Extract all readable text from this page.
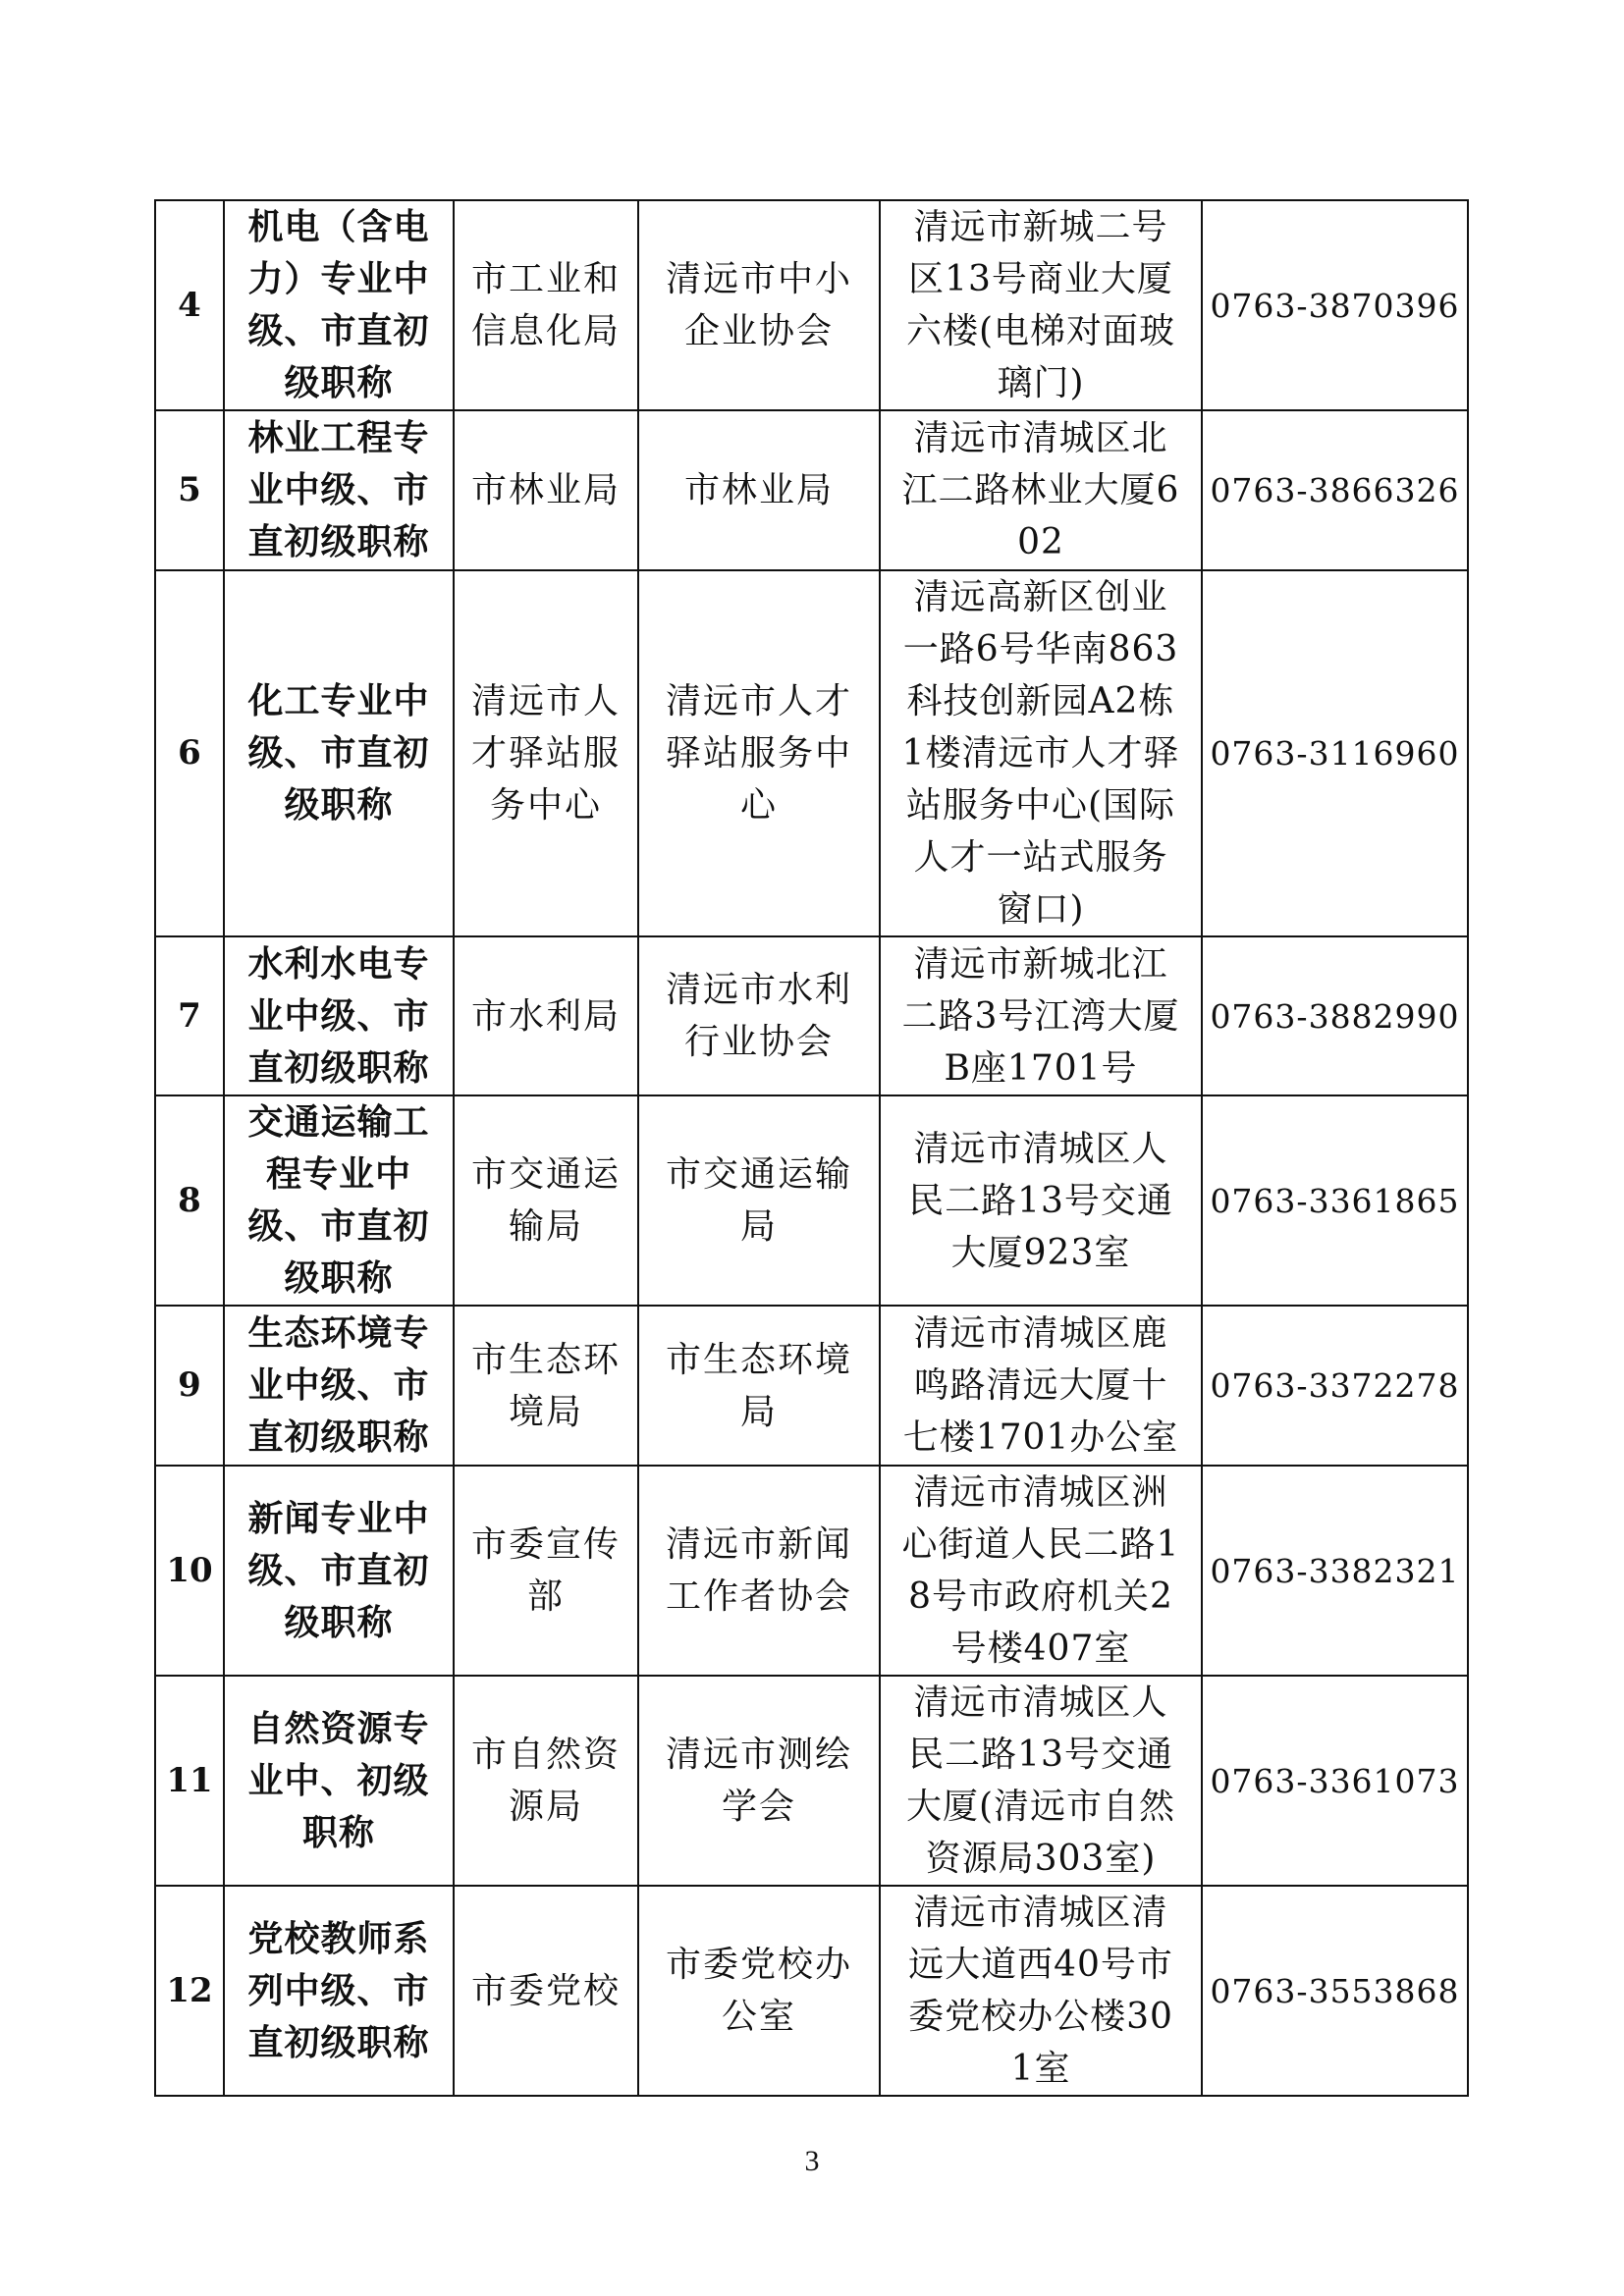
4	机电（含电力）专业中级、市直初级职称	市工业和信息化局	清远市中小企业协会	清远市新城二号区13号商业大厦六楼(电梯对面玻璃门)	0763-3870396
5	林业工程专业中级、市直初级职称	市林业局	市林业局	清远市清城区北江二路林业大厦602	0763-3866326
6	化工专业中级、市直初级职称	清远市人才驿站服务中心	清远市人才驿站服务中心	清远高新区创业一路6号华南863科技创新园A2栋1楼清远市人才驿站服务中心(国际人才一站式服务窗口)	0763-3116960
7	水利水电专业中级、市直初级职称	市水利局	清远市水利行业协会	清远市新城北江二路3号江湾大厦B座1701号	0763-3882990
8	交通运输工程专业中级、市直初级职称	市交通运输局	市交通运输局	清远市清城区人民二路13号交通大厦923室	0763-3361865
9	生态环境专业中级、市直初级职称	市生态环境局	市生态环境局	清远市清城区鹿鸣路清远大厦十七楼1701办公室	0763-3372278
10	新闻专业中级、市直初级职称	市委宣传部	清远市新闻工作者协会	清远市清城区洲心街道人民二路18号市政府机关2号楼407室	0763-3382321
11	自然资源专业中、初级职称	市自然资源局	清远市测绘学会	清远市清城区人民二路13号交通大厦(清远市自然资源局303室)	0763-3361073
12	党校教师系列中级、市直初级职称	市委党校	市委党校办公室	清远市清城区清远大道西40号市委党校办公楼301室	0763-3553868
3
